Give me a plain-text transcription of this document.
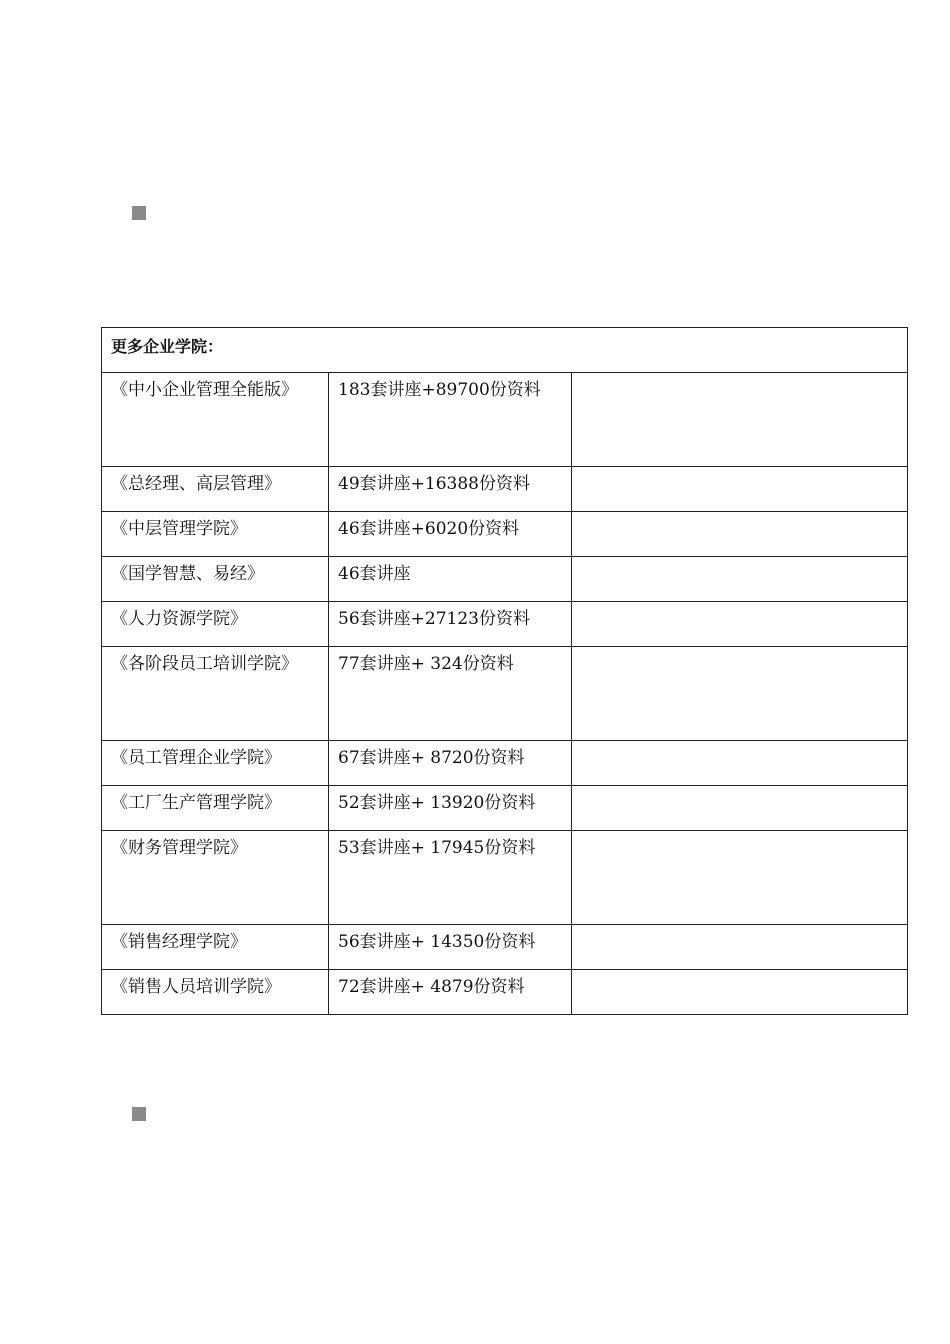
更多企业学院：		

《中小企业管理全能版》	183套讲座+89700份资料	

《总经理、高层管理》	49套讲座+16388份资料	
《中层管理学院》	46套讲座+6020份资料	
《国学智慧、易经》	46套讲座	
《人力资源学院》	56套讲座+27123份资料	

《各阶段员工培训学院》	77套讲座+ 324份资料	

《员工管理企业学院》	67套讲座+ 8720份资料	
《工厂生产管理学院》	52套讲座+ 13920份资料	

《财务管理学院》	53套讲座+ 17945份资料	

《销售经理学院》	56套讲座+ 14350份资料	
《销售人员培训学院》	72套讲座+ 4879份资料	
